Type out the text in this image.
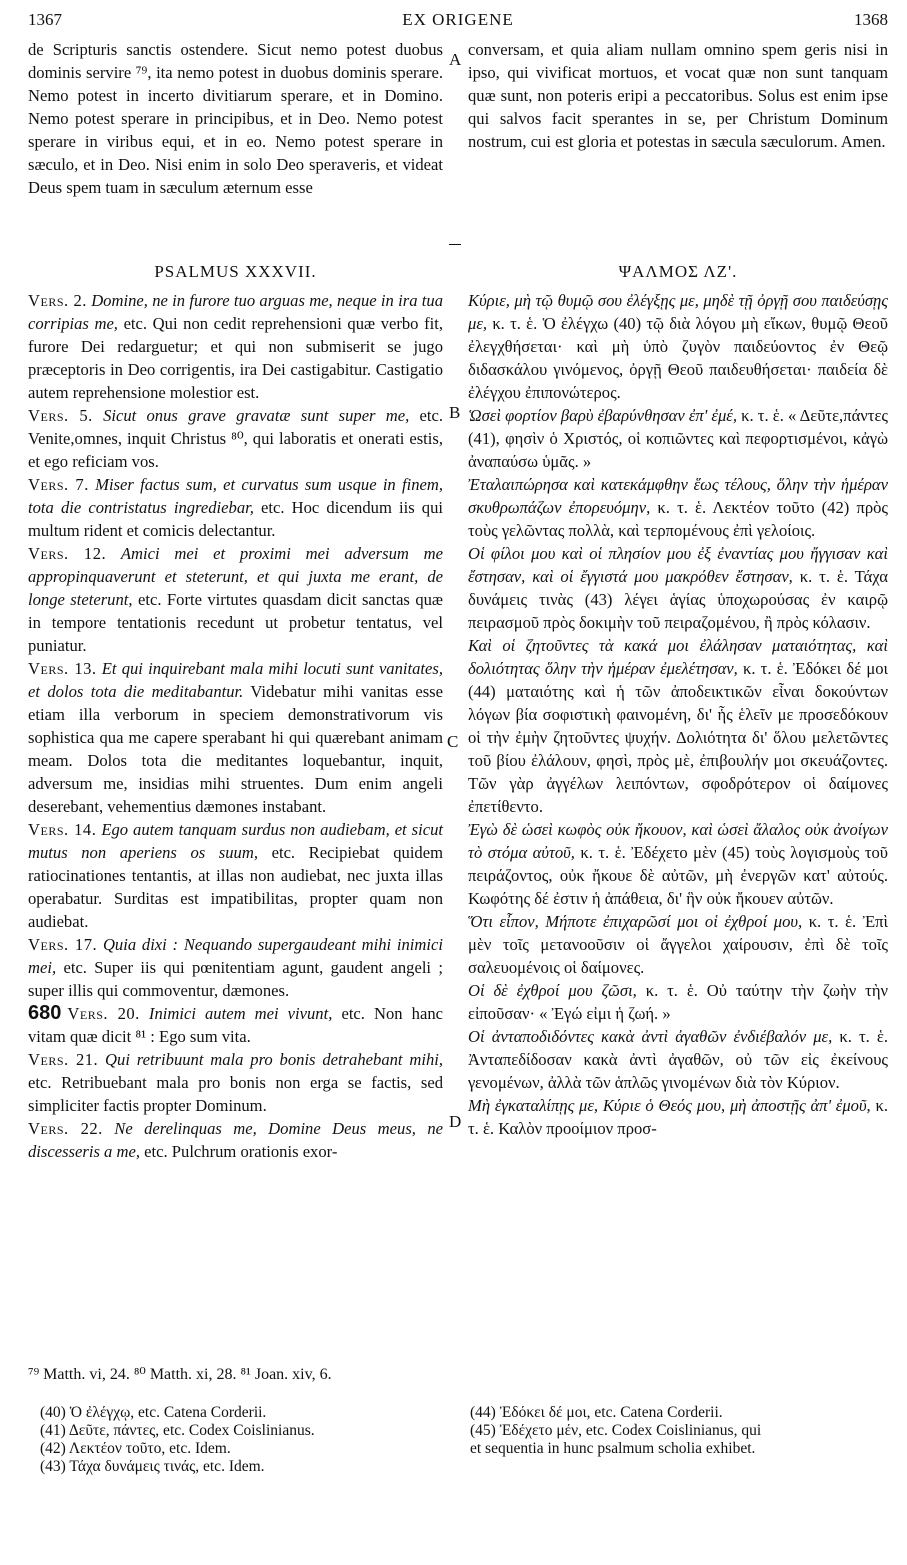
1367	EX ORIGENE	1368

de Scripturis sanctis ostendere. Sicut nemo potest duobus dominis servire ⁷⁹, ita nemo potest in duobus dominis sperare. Nemo potest in incerto divitiarum sperare, et in Domino. Nemo potest sperare in principibus, et in Deo. Nemo potest sperare in viribus equi, et in eo. Nemo potest sperare in sæculo, et in Deo. Nisi enim in solo Deo speraveris, et videat Deus spem tuam in sæculum æternum esse

conversam, et quia aliam nullam omnino spem geris nisi in ipso, qui vivificat mortuos, et vocat quæ non sunt tanquam quæ sunt, non poteris eripi a peccatoribus. Solus est enim ipse qui salvos facit sperantes in se, per Christum Dominum nostrum, cui est gloria et potestas in sæcula sæculorum. Amen.

A
B
C
D
PSALMUS XXXVII.

Vers. 2. Domine, ne in furore tuo arguas me, neque in ira tua corripias me, etc. Qui non cedit reprehensioni quæ verbo fit, furore Dei redarguetur; et qui non submiserit se jugo præceptoris in Deo corrigentis, ira Dei castigabitur. Castigatio autem reprehensione molestior est.

Vers. 5. Sicut onus grave gravatæ sunt super me, etc. Venite,omnes, inquit Christus ⁸⁰, qui laboratis et onerati estis, et ego reficiam vos.

Vers. 7. Miser factus sum, et curvatus sum usque in finem, tota die contristatus ingrediebar, etc. Hoc dicendum iis qui multum rident et comicis delectantur.

Vers. 12. Amici mei et proximi mei adversum me appropinquaverunt et steterunt, et qui juxta me erant, de longe steterunt, etc. Forte virtutes quasdam dicit sanctas quæ in tempore tentationis recedunt ut probetur tentatus, vel puniatur.

Vers. 13. Et qui inquirebant mala mihi locuti sunt vanitates, et dolos tota die meditabantur. Videbatur mihi vanitas esse etiam illa verborum in speciem demonstrativorum vis sophistica qua me capere sperabant hi qui quærebant animam meam. Dolos tota die meditantes loquebantur, inquit, adversum me, insidias mihi struentes. Dum enim angeli deserebant, vehementius dæmones instabant.

Vers. 14. Ego autem tanquam surdus non audiebam, et sicut mutus non aperiens os suum, etc. Recipiebat quidem ratiocinationes tentantis, at illas non audiebat, nec juxta illas operabatur. Surditas est impatibilitas, propter quam non audiebat.

Vers. 17. Quia dixi : Nequando supergaudeant mihi inimici mei, etc. Super iis qui pœnitentiam agunt, gaudent angeli ; super illis qui commoventur, dæmones.

680 Vers. 20. Inimici autem mei vivunt, etc. Non hanc vitam quæ dicit ⁸¹ : Ego sum vita.

Vers. 21. Qui retribuunt mala pro bonis detrahebant mihi, etc. Retribuebant mala pro bonis non erga se factis, sed simpliciter factis propter Dominum.

Vers. 22. Ne derelinquas me, Domine Deus meus, ne discesseris a me, etc. Pulchrum orationis exor-

ΨΑΛΜΟΣ ΛΖ'.

Κύριε, μὴ τῷ θυμῷ σου ἐλέγξῃς με, μηδὲ τῇ ὀργῇ σου παιδεύσῃς με, κ. τ. ἑ. Ὁ ἐλέγχω (40) τῷ διὰ λόγου μὴ εἴκων, θυμῷ Θεοῦ ἐλεγχθήσεται· καὶ μὴ ὑπὸ ζυγὸν παιδεύοντος ἐν Θεῷ διδασκάλου γινόμενος, ὀργῇ Θεοῦ παιδευθήσεται· παιδεία δὲ ἐλέγχου ἐπιπονώτερος.

Ὡσεὶ φορτίον βαρὺ ἐβαρύνθησαν ἐπ' ἐμέ, κ. τ. ἑ. « Δεῦτε,πάντες (41), φησὶν ὁ Χριστός, οἱ κοπιῶντες καὶ πεφορτισμένοι, κἀγὼ ἀναπαύσω ὑμᾶς. »

Ἐταλαιπώρησα καὶ κατεκάμφθην ἕως τέλους, ὅλην τὴν ἡμέραν σκυθρωπάζων ἐπορευόμην, κ. τ. ἑ. Λεκτέον τοῦτο (42) πρὸς τοὺς γελῶντας πολλὰ, καὶ τερπομένους ἐπὶ γελοίοις.

Οἱ φίλοι μου καὶ οἱ πλησίον μου ἐξ ἐναντίας μου ἤγγισαν καὶ ἔστησαν, καὶ οἱ ἔγγιστά μου μακρόθεν ἔστησαν, κ. τ. ἑ. Τάχα δυνάμεις τινὰς (43) λέγει ἁγίας ὑποχωρούσας ἐν καιρῷ πειρασμοῦ πρὸς δοκιμὴν τοῦ πειραζομένου, ἢ πρὸς κόλασιν.

Καὶ οἱ ζητοῦντες τὰ κακά μοι ἐλάλησαν ματαιότητας, καὶ δολιότητας ὅλην τὴν ἡμέραν ἐμελέτησαν, κ. τ. ἑ. Ἐδόκει δέ μοι (44) ματαιότης καὶ ἡ τῶν ἀποδεικτικῶν εἶναι δοκούντων λόγων βία σοφιστικὴ φαινομένη, δι' ἧς ἑλεῖν με προσεδόκουν οἱ τὴν ἐμὴν ζητοῦντες ψυχήν. Δολιότητα δι' ὅλου μελετῶντες τοῦ βίου ἐλάλουν, φησὶ, πρὸς μὲ, ἐπιβουλήν μοι σκευάζοντες. Τῶν γὰρ ἀγγέλων λειπόντων, σφοδρότερον οἱ δαίμονες ἐπετίθεντο.

Ἐγὼ δὲ ὡσεὶ κωφὸς οὐκ ἤκουον, καὶ ὡσεὶ ἄλαλος οὐκ ἀνοίγων τὸ στόμα αὐτοῦ, κ. τ. ἑ. Ἐδέχετο μὲν (45) τοὺς λογισμοὺς τοῦ πειράζοντος, οὐκ ἤκουε δὲ αὐτῶν, μὴ ἐνεργῶν κατ' αὐτούς. Κωφότης δέ ἐστιν ἡ ἀπάθεια, δι' ἣν οὐκ ἤκουεν αὐτῶν.

Ὅτι εἶπον, Μήποτε ἐπιχαρῶσί μοι οἱ ἐχθροί μου, κ. τ. ἑ. Ἐπὶ μὲν τοῖς μετανοοῦσιν οἱ ἄγγελοι χαίρουσιν, ἐπὶ δὲ τοῖς σαλευομένοις οἱ δαίμονες.

Οἱ δὲ ἐχθροί μου ζῶσι, κ. τ. ἑ. Οὐ ταύτην τὴν ζωὴν τὴν εἰποῦσαν· « Ἐγώ εἰμι ἡ ζωή. »

Οἱ ἀνταποδιδόντες κακὰ ἀντὶ ἀγαθῶν ἐνδιέβαλόν με, κ. τ. ἑ. Ἀνταπεδίδοσαν κακὰ ἀντὶ ἀγαθῶν, οὐ τῶν εἰς ἐκείνους γενομένων, ἀλλὰ τῶν ἁπλῶς γινομένων διὰ τὸν Κύριον.

Μὴ ἐγκαταλίπῃς με, Κύριε ὁ Θεός μου, μὴ ἀποστῇς ἀπ' ἐμοῦ, κ. τ. ἑ. Καλὸν προοίμιον προσ-

⁷⁹ Matth. vi, 24. ⁸⁰ Matth. xi, 28. ⁸¹ Joan. xiv, 6.
(40) Ὁ ἐλέγχῳ, etc. Catena Corderii.
(41) Δεῦτε, πάντες, etc. Codex Coislinianus.
(42) Λεκτέον τοῦτο, etc. Idem.
(43) Τάχα δυνάμεις τινάς, etc. Idem.
(44) Ἐδόκει δέ μοι, etc. Catena Corderii.
(45) Ἐδέχετο μέν, etc. Codex Coislinianus, qui
et sequentia in hunc psalmum scholia exhibet.
